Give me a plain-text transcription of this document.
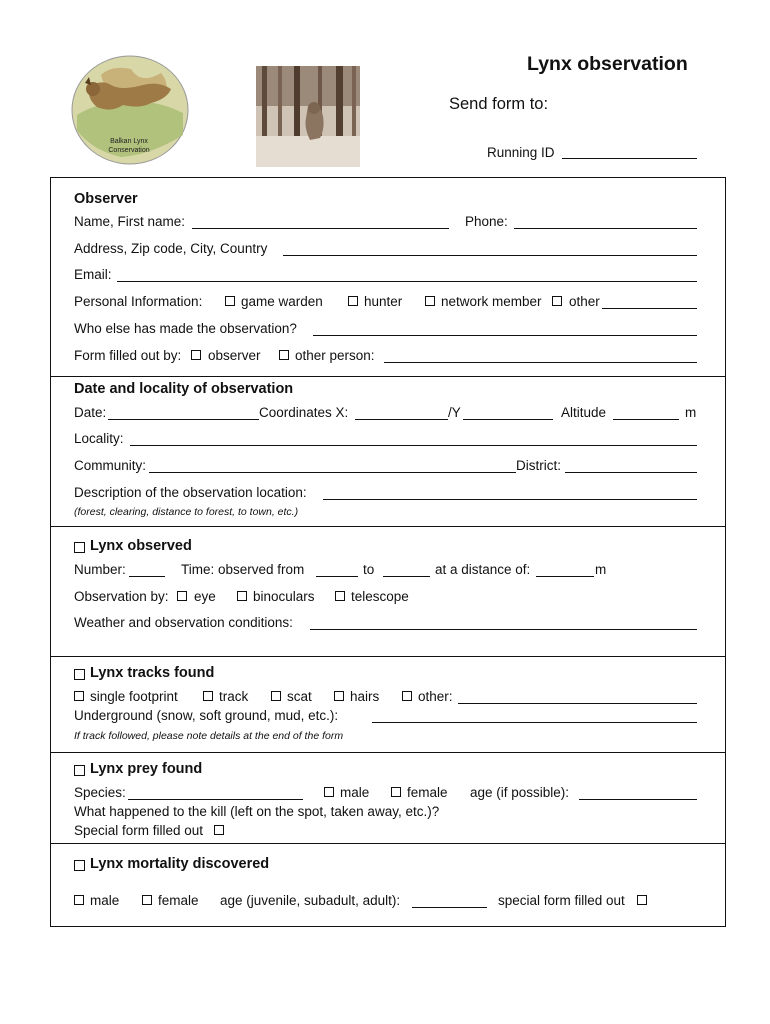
Balkan Lynx
Conservation
Lynx observation
Send form to:
Running ID
Observer
Name, First name:	Phone:
Address, Zip code, City, Country
Email:
Personal Information:	game warden	hunter	network member other
Who else has made the observation?
Form filled out by: observer	other person:
Date and locality of observation
Date:	Coordinates X:	/Y	Altitude	m
Locality:
Community:	District:
Description of the observation location:
(forest, clearing, distance to forest, to town, etc.)
Lynx observed
Number:	Time: observed from	to	at a distance of:	m
Observation by: eye	binoculars	telescope
Weather and observation conditions:
Lynx tracks found
single footprint	track	scat	hairs	other:
Underground (snow, soft ground, mud, etc.):
If track followed, please note details at the end of the form
Lynx prey found
Species:	male	female age (if possible):
What happened to the kill (left on the spot, taken away, etc.)?
Special form filled out
Lynx mortality discovered
male	female age (juvenile, subadult, adult):	special form filled out
